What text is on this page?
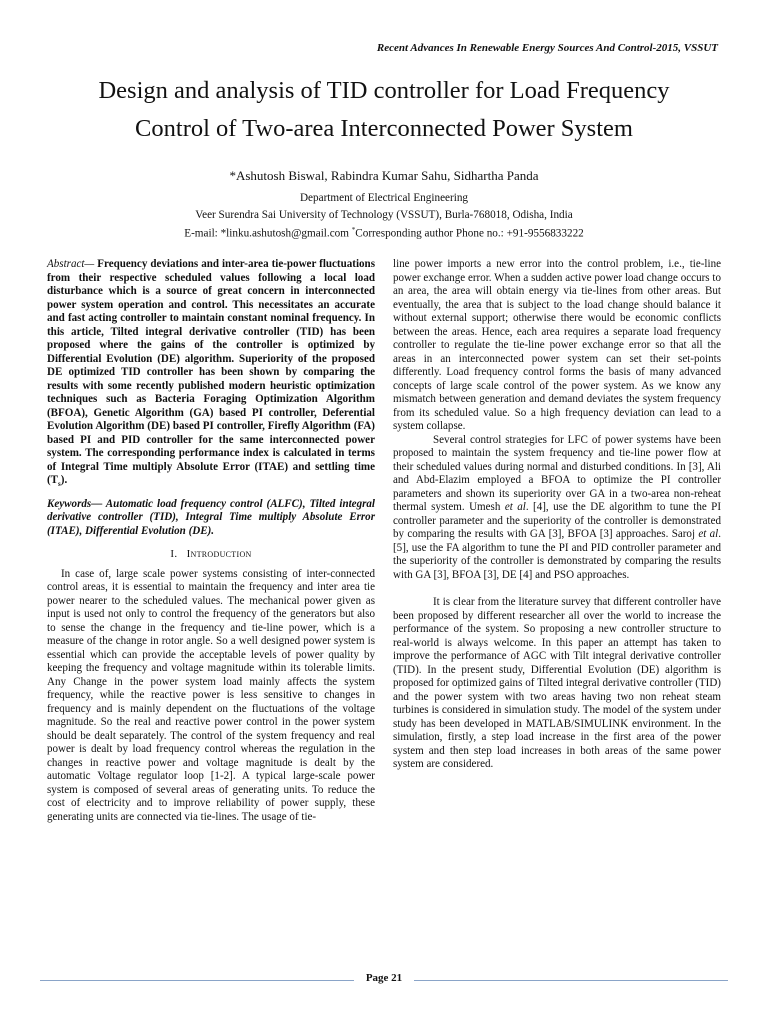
Recent Advances In Renewable Energy Sources And Control-2015, VSSUT
Design and analysis of TID controller for Load Frequency
Control of Two-area Interconnected Power System
*Ashutosh Biswal, Rabindra Kumar Sahu, Sidhartha Panda
Department of Electrical Engineering
Veer Surendra Sai University of Technology (VSSUT), Burla-768018, Odisha, India
E-mail: *linku.ashutosh@gmail.com *Corresponding author Phone no.: +91-9556833222

Abstract— Frequency deviations and inter-area tie-power fluctuations from their respective scheduled values following a local load disturbance which is a source of great concern in interconnected power system operation and control. This necessitates an accurate and fast acting controller to maintain constant nominal frequency. In this article, Tilted integral derivative controller (TID) has been proposed where the gains of the controller is optimized by Differential Evolution (DE) algorithm. Superiority of the proposed DE optimized TID controller has been shown by comparing the results with some recently published modern heuristic optimization techniques such as Bacteria Foraging Optimization Algorithm (BFOA), Genetic Algorithm (GA) based PI controller, Deferential Evolution Algorithm (DE) based PI controller, Firefly Algorithm (FA) based PI and PID controller for the same interconnected power system. The corresponding performance index is calculated in terms of Integral Time multiply Absolute Error (ITAE) and settling time $(T_s)$.

Keywords— Automatic load frequency control (ALFC), Tilted integral derivative controller (TID), Integral Time multiply Absolute Error (ITAE), Differential Evolution (DE).

I. Introduction

In case of, large scale power systems consisting of inter-connected control areas, it is essential to maintain the frequency and inter area tie power nearer to the scheduled values. The mechanical power given as input is used not only to control the frequency of the generators but also to sense the change in the frequency and tie-line power, which is a measure of the change in rotor angle. So a well designed power system is essential which can provide the acceptable levels of power quality by keeping the frequency and voltage magnitude within its tolerable limits. Any Change in the power system load mainly affects the system frequency, while the reactive power is less sensitive to changes in frequency and is mainly dependent on the fluctuations of the voltage magnitude. So the real and reactive power control in the power system should be dealt separately. The control of the system frequency and real power is dealt by load frequency control whereas the regulation in the changes in reactive power and voltage magnitude is dealt by the automatic Voltage regulator loop [1-2]. A typical large-scale power system is composed of several areas of generating units. To reduce the cost of electricity and to improve reliability of power supply, these generating units are connected via tie-lines. The usage of tie-

line power imports a new error into the control problem, i.e., tie-line power exchange error. When a sudden active power load change occurs to an area, the area will obtain energy via tie-lines from other areas. But eventually, the area that is subject to the load change should balance it without external support; otherwise there would be economic conflicts between the areas. Hence, each area requires a separate load frequency controller to regulate the tie-line power exchange error so that all the areas in an interconnected power system can set their set-points differently. Load frequency control forms the basis of many advanced concepts of large scale control of the power system. As we know any mismatch between generation and demand deviates the system frequency from its scheduled value. So a high frequency deviation can lead to a system collapse.

Several control strategies for LFC of power systems have been proposed to maintain the system frequency and tie-line power flow at their scheduled values during normal and disturbed conditions. In [3], Ali and Abd-Elazim employed a BFOA to optimize the PI controller parameters and shown its superiority over GA in a two-area non-reheat thermal system. Umesh et al. [4], use the DE algorithm to tune the PI controller parameter and the superiority of the controller is demonstrated by comparing the results with GA [3], BFOA [3] approaches. Saroj et al. [5], use the FA algorithm to tune the PI and PID controller parameter and the superiority of the controller is demonstrated by comparing the results with GA [3], BFOA [3], DE [4] and PSO approaches.

It is clear from the literature survey that different controller have been proposed by different researcher all over the world to increase the performance of the system. So proposing a new controller structure to real-world is always welcome. In this paper an attempt has taken to improve the performance of AGC with Tilt integral derivative controller (TID). In the present study, Differential Evolution (DE) algorithm is proposed for optimized gains of Tilted integral derivative controller (TID) and the power system with two areas having two non reheat steam turbines is considered in simulation study. The model of the system under study has been developed in MATLAB/SIMULINK environment. In the simulation, firstly, a step load increase in the first area of the power system and then step load increases in both areas of the same power system are considered.

Page 21
